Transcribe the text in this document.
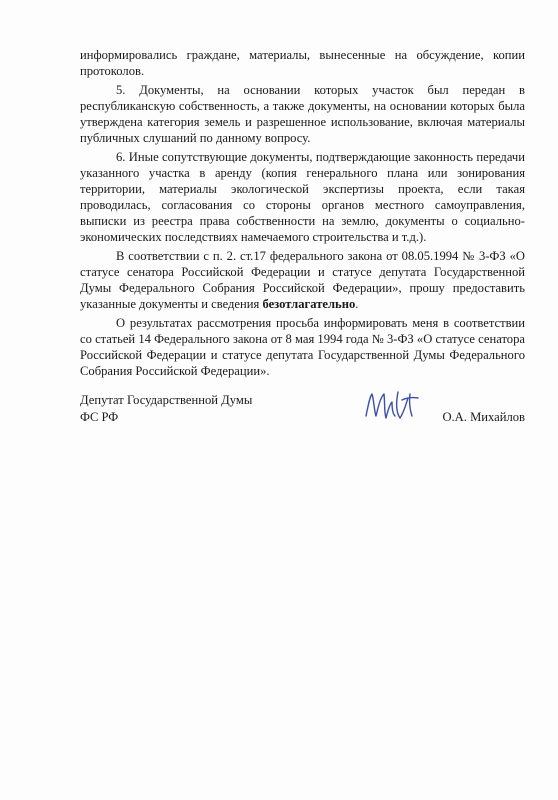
информировались граждане, материалы, вынесенные на обсуждение, копии протоколов.

5. Документы, на основании которых участок был передан в республиканскую собственность, а также документы, на основании которых была утверждена категория земель и разрешенное использование, включая материалы публичных слушаний по данному вопросу.

6. Иные сопутствующие документы, подтверждающие законность передачи указанного участка в аренду (копия генерального плана или зонирования территории, материалы экологической экспертизы проекта, если такая проводилась, согласования со стороны органов местного самоуправления, выписки из реестра права собственности на землю, документы о социально-экономических последствиях намечаемого строительства и т.д.).

В соответствии с п. 2. ст.17 федерального закона от 08.05.1994 № 3-ФЗ «О статусе сенатора Российской Федерации и статусе депутата Государственной Думы Федерального Собрания Российской Федерации», прошу предоставить указанные документы и сведения безотлагательно.

О результатах рассмотрения просьба информировать меня в соответствии со статьей 14 Федерального закона от 8 мая 1994 года № 3-ФЗ «О статусе сенатора Российской Федерации и статусе депутата Государственной Думы Федерального Собрания Российской Федерации».

Депутат Государственной Думы
ФС РФ	О.А. Михайлов
